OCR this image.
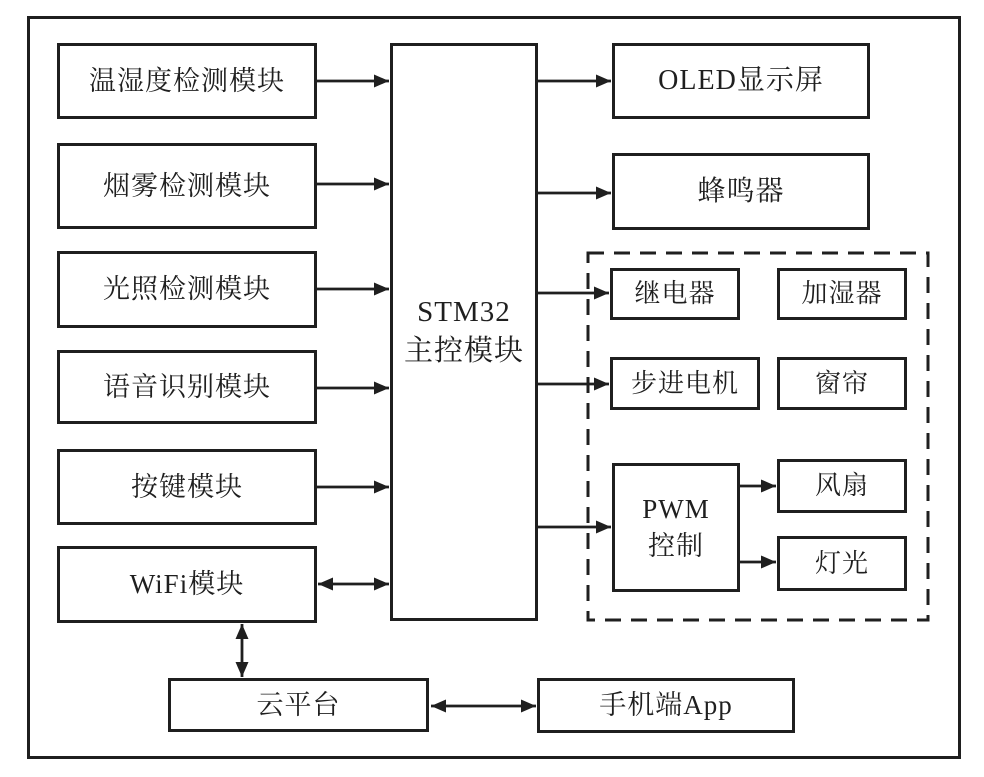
温湿度检测模块
烟雾检测模块
光照检测模块
语音识别模块
按键模块
WiFi模块
STM32
主控模块
OLED显示屏
蜂鸣器
继电器	加湿器
步进电机	窗帘
PWM
控制
风扇
灯光
云平台	手机端App
